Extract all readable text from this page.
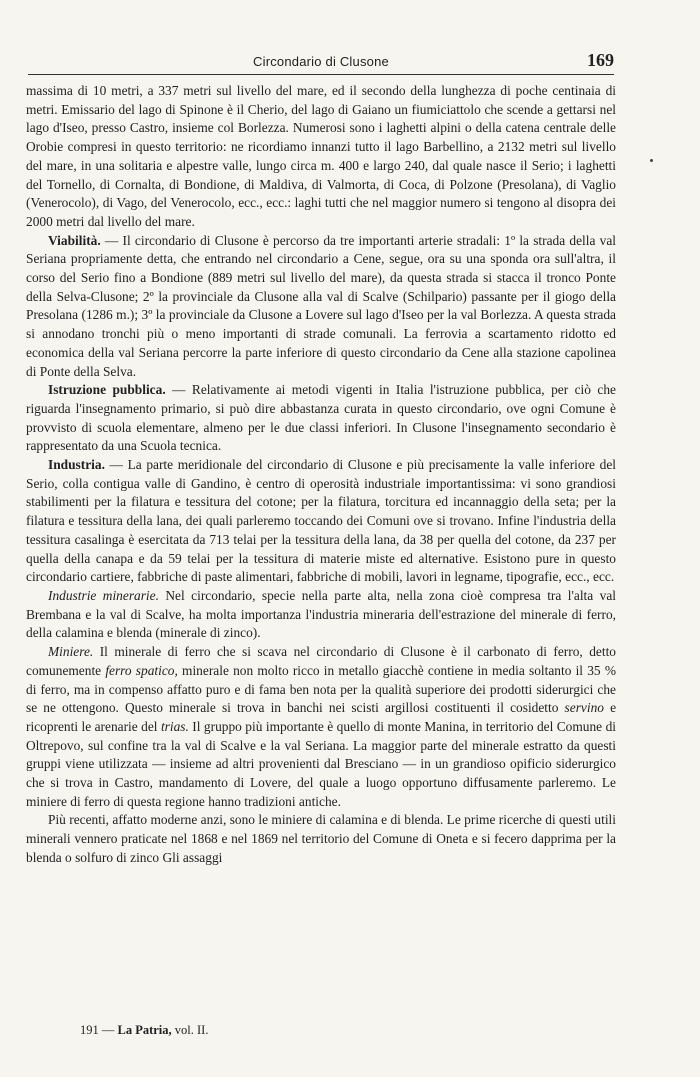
Circondario di Clusone	169

massima di 10 metri, a 337 metri sul livello del mare, ed il secondo della lunghezza di poche centinaia di metri. Emissario del lago di Spinone è il Cherio, del lago di Gaiano un fiumiciattolo che scende a gettarsi nel lago d'Iseo, presso Castro, insieme col Borlezza. Numerosi sono i laghetti alpini o della catena centrale delle Orobie compresi in questo territorio: ne ricordiamo innanzi tutto il lago Barbellino, a 2132 metri sul livello del mare, in una solitaria e alpestre valle, lungo circa m. 400 e largo 240, dal quale nasce il Serio; i laghetti del Tornello, di Cornalta, di Bondione, di Maldiva, di Valmorta, di Coca, di Polzone (Presolana), di Vaglio (Venerocolo), di Vago, del Venerocolo, ecc., ecc.: laghi tutti che nel maggior numero si tengono al disopra dei 2000 metri dal livello del mare.

Viabilità. — Il circondario di Clusone è percorso da tre importanti arterie stradali: 1º la strada della val Seriana propriamente detta, che entrando nel circondario a Cene, segue, ora su una sponda ora sull'altra, il corso del Serio fino a Bondione (889 metri sul livello del mare), da questa strada si stacca il tronco Ponte della Selva-Clusone; 2º la provinciale da Clusone alla val di Scalve (Schilpario) passante per il giogo della Presolana (1286 m.); 3º la provinciale da Clusone a Lovere sul lago d'Iseo per la val Borlezza. A questa strada si annodano tronchi più o meno importanti di strade comunali. La ferrovia a scartamento ridotto ed economica della val Seriana percorre la parte inferiore di questo circondario da Cene alla stazione capolinea di Ponte della Selva.

Istruzione pubblica. — Relativamente ai metodi vigenti in Italia l'istruzione pubblica, per ciò che riguarda l'insegnamento primario, si può dire abbastanza curata in questo circondario, ove ogni Comune è provvisto di scuola elementare, almeno per le due classi inferiori. In Clusone l'insegnamento secondario è rappresentato da una Scuola tecnica.

Industria. — La parte meridionale del circondario di Clusone e più precisamente la valle inferiore del Serio, colla contigua valle di Gandino, è centro di operosità industriale importantissima: vi sono grandiosi stabilimenti per la filatura e tessitura del cotone; per la filatura, torcitura ed incannaggio della seta; per la filatura e tessitura della lana, dei quali parleremo toccando dei Comuni ove si trovano. Infine l'industria della tessitura casalinga è esercitata da 713 telai per la tessitura della lana, da 38 per quella del cotone, da 237 per quella della canapa e da 59 telai per la tessitura di materie miste ed alternative. Esistono pure in questo circondario cartiere, fabbriche di paste alimentari, fabbriche di mobili, lavori in legname, tipografie, ecc., ecc.

Industrie minerarie. Nel circondario, specie nella parte alta, nella zona cioè compresa tra l'alta val Brembana e la val di Scalve, ha molta importanza l'industria mineraria dell'estrazione del minerale di ferro, della calamina e blenda (minerale di zinco).

Miniere. Il minerale di ferro che si scava nel circondario di Clusone è il carbonato di ferro, detto comunemente ferro spatico, minerale non molto ricco in metallo giacchè contiene in media soltanto il 35 % di ferro, ma in compenso affatto puro e di fama ben nota per la qualità superiore dei prodotti siderurgici che se ne ottengono. Questo minerale si trova in banchi nei scisti argillosi costituenti il cosidetto servino e ricoprenti le arenarie del trias. Il gruppo più importante è quello di monte Manina, in territorio del Comune di Oltrepovo, sul confine tra la val di Scalve e la val Seriana. La maggior parte del minerale estratto da questi gruppi viene utilizzata — insieme ad altri provenienti dal Bresciano — in un grandioso opificio siderurgico che si trova in Castro, mandamento di Lovere, del quale a luogo opportuno diffusamente parleremo. Le miniere di ferro di questa regione hanno tradizioni antiche.

Più recenti, affatto moderne anzi, sono le miniere di calamina e di blenda. Le prime ricerche di questi utili minerali vennero praticate nel 1868 e nel 1869 nel territorio del Comune di Oneta e si fecero dapprima per la blenda o solfuro di zinco Gli assaggi

191 — La Patria, vol. II.
